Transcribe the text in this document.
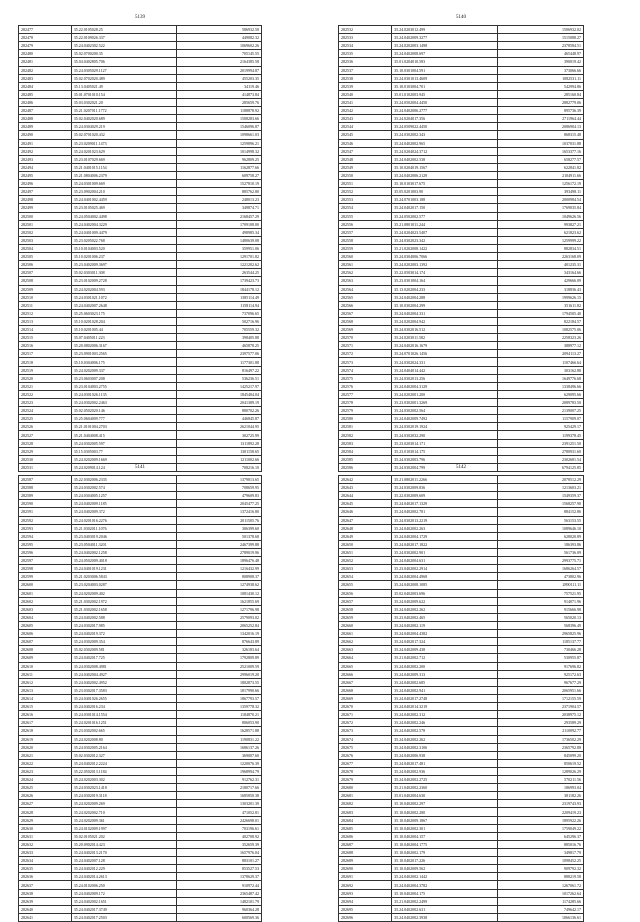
5139
282477	35.22.0105028.25	586932.50
282478	35.22.0109026.337	449082.32
282479	35.24.0402302.522	1069602.26
282480	35.02.0700200.35	705145.55
282481	35.04.0402805.706	2164385.58
282482	35.24.0305029.1127	2019994.87
282483	35.02.0702020.489	455203.35
282484	35.13.0405021.49	34119.46
282485	35.01.0701010.154	414873.84
282486	35.03.0302021.20	285659.76
282487	35.21.0207011.1772	1188878.92
282488	35.02.0402020.689	1508283.66
282489	35.24.0304029.219	1546096.87
282490	35.02.0701020.432	1098661.03
282491	35.23.0209011.1473	1259896.21
282492	35.24.0201023.629	1014998.32
282493	35.23.0107029.669	962809.25
282494	35.21.0401015.1154	1162877.66
282495	35.21.0804006.2379	609758.27
282496	35.24.0301009.669	1527810.19
282497	35.23.0902004.210	885762.80
282498	35.24.0401002.4459	248013.23
282499	35.23.0105025.469	349874.71
282500	35.24.0504002.4498	2168457.29
282501	35.24.0402004.3229	1709108.00
282502	35.24.0401009.4479	498985.34
282503	35.23.0205022.768	1480639.08
282504	35.10.0104003.520	359951.06
282505	35.10.0201006.237	1291701.82
282506	35.23.0402009.3697	1221202.62
282507	35.02.0303011.308	263544.25
282508	35.23.0102009.2728	1739423.73
282509	35.24.0202004.593	1844178.12
282510	35.24.0301021.1072	1385114.49
282511	35.24.0402007.2648	1158114.94
282512	35.25.0603023.175	737096.65
282513	35.10.0201028.204	502716.96
282514	35.10.0201005.44	705559.32
282515	35.07.0405011.223	398405.88
282516	35.20.0802006.3167	465878.25
282517	35.23.0901003.2565	2397577.06
282518	35.10.0304006.175	1177301.88
282519	35.24.0202009.337	816497.22
282520	35.23.0603007.208	536236.51
282521	35.23.0104003.2755	1425217.97
282522	35.24.0301026.1135	1845404.04
282523	35.24.0302002.2463	2041389.19
282524	35.02.0502020.146	880702.26
282525	35.25.0604009.777	446845.87
282526	35.21.0101004.2703	2621044.95
282527	35.21.0404008.415	302725.99
282528	35.24.0302005.597	1311892.28
282529	35.15.0305003.77	1301158.65
282530	35.24.0202009.1669	1211002.66
282531	35.24.0209014.124	708216.10
5140
282532	35.24.0203012.499	1506932.02
282533	35.24.0402009.3277	1515088.27
282534	35.24.0202003.1498	2378584.51
282535	35.24.0402008.697	465448.97
282536	35.01.0204010.583	390019.42
282537	35.10.0301004.591	373066.66
282538	35.24.0301013.4609	1082531.11
282539	35.10.0103004.701	542994.86
282540	35.01.0102003.945	285160.84
282541	35.24.0502004.4450	2882779.06
282542	35.24.0402006.2777	895736.39
282543	35.24.0204017.356	2711964.44
282544	35.24.0509022.4450	2086904.13
282545	35.24.0302002.343	868315.48
282546	35.24.0402002.965	1037031.88
282547	35.24.0204024.3712	1653377.16
282548	35.24.0402002.538	658277.57
282549	35.10.0204019.1567	622841.82
282550	35.24.0402006.2129	2104911.66
282551	35.10.0103017.675	1256172.19
282552	35.05.0201003.90	393498.11
282553	35.24.0701003.188	2000984.54
282554	35.24.0402017.150	1769035.84
282555	35.24.0502002.577	1049626.56
282556	35.21.0801011.244	993827.21
282557	35.24.0204023.5407	621823.62
282558	35.24.0302023.342	1259999.22
282559	35.21.0202008.1422	882834.51
282560	35.24.0304006.7066	2263168.09
282561	35.24.0202003.1392	401235.31
282562	35.22.0503014.174	343164.66
282563	35.23.0301004.164	429666.09
282564	35.13.0202004.233	318836.43
282565	35.24.0402004.288	1999626.15
282566	35.10.0302004.299	351611.82
282567	35.24.0402004.331	1794505.40
282568	35.24.0202004.942	822184.57
282569	35.24.0302016.512	1082575.06
282570	35.24.0203011.582	2258323.26
282571	35.24.0402016.1679	388977.12
282572	35.24.0701026.1456	2094113.27
282573	35.24.0302024.331	1107466.64
282574	35.24.0404014.442	303162.88
282575	35.24.0302013.256	1649776.68
282576	35.24.0402004.3129	1338496.66
282577	35.24.0202001.200	629095.66
282578	35.23.0302001.3269	2089783.50
282579	35.24.0302002.564	2139007.25
282580	35.24.0402009.7492	1157909.07
282581	35.24.0302019.1924	925429.17
282582	35.24.0302032.290	1199378.45
282583	35.23.0203014.171	2391251.50
282584	35.23.0103014.175	2780931.60
282585	35.24.0302003.796	2302681.54
282586	35.24.0302004.799	6794125.85
5141
282587	35.22.0302006.2335	1379813.65
282588	35.24.0302002.574	708659.95
282589	35.24.0304005.1257	479609.83
282590	35.24.0402009.1185	2045477.25
282591	35.24.0402009.372	1372416.80
282592	35.24.0201016.2276	2011505.76
282593	35.21.0302011.1076	306399.60
282594	35.23.0403019.2046	501378.68
282595	35.23.0504011.3201	2467399.88
282596	35.24.0402002.1258	2789019.96
282597	35.24.0502009.4018	1896476.48
282598	35.24.0401019.1231	1216432.99
282599	35.21.0203006.5843	808908.37
282600	35.23.0204003.0287	1274938.62
282601	35.24.0202009.402	1081430.12
282602	35.21.0302002.1972	1621855.69
282603	35.21.0302002.1658	1271796.98
282604	35.24.0402002.588	2579093.02
282605	35.24.0302017.985	2065252.84
282606	35.24.0402019.372	1342016.19
282607	35.24.0302009.354	876643.89
282608	35.02.0302009.581	326183.64
282609	35.24.0402017.725	1792809.89
282610	35.24.0302008.4981	2521009.59
282611	35.24.0402004.4927	2996019.20
282612	35.24.0402002.4952	1802873.55
282613	35.23.0302017.3583	1817990.66
282614	35.24.0401026.2655	1867793.57
282615	35.24.0402016.234	1359778.32
282616	35.24.0301014.1554	1184870.21
282617	35.24.0201016.1251	806053.90
282618	35.23.0302002.665	1628571.88
282619	35.24.0202008.80	1190831.22
282620	35.24.0302005.2164	1686137.26
282621	35.02.0302012.327	369007.60
282622	35.24.0402012.2224	1220076.39
282623	35.22.0502013.1184	1968994.79
282624	35.24.0202003.302	912762.31
282625	35.24.0302023.1418	2180717.66
282626	35.24.0302019.3118	1685850.38
282627	35.24.0202009.269	1303201.39
282628	35.24.0202002.710	471052.81
282629	35.24.0202009.361	2426698.01
282630	35.24.0102009.1997	703196.61
282631	35.02.0105021.202	402708.92
282632	35.20.0902014.423	352659.39
282633	35.24.0402013.2170	1657976.04
282634	35.24.0402007.128	883101.27
282635	35.24.0402012.229	853527.53
282636	35.24.0402014.2613	1378629.37
282637	35.24.0102006.250	910972.44
282638	35.24.0402009.172	2365487.42
282639	35.24.0402002.1651	1482101.79
282640	35.24.0402017.3749	960364.28
282641	35.24.0402017.2503	600569.36
5142
282642	35.21.0802011.2266	2078512.29
282643	35.24.0302009.836	1213603.21
282644	35.22.0302009.609	1549359.37
282645	35.24.0402017.1329	1568257.90
282646	35.24.0402002.781	884152.86
282647	35.24.0302013.2219	563153.55
282648	35.24.0402002.263	1089646.10
282649	35.24.0402004.1729	628020.89
282650	35.24.0402017.1822	186393.86
282651	35.24.0302002.901	561736.09
282652	35.24.0402004.631	2993775.71
282653	35.23.0402002.2914	1686264.57
282654	35.24.0402004.4968	473802.96
282655	35.24.0402008.1085	2890111.11
282656	35.02.0402003.696	757521.95
282657	35.24.0402009.622	914071.96
282658	35.24.0402002.262	915666.98
282659	35.23.0402002.465	565020.13
282660	35.24.0402002.119	568396.49
282661	35.24.0402004.4382	2965825.96
282662	35.24.0402017.324	1185137.77
282663	35.24.0402009.438	730466.28
282664	35.21.0402002.712	530955.87
282665	35.24.0402002.200	917696.82
282666	35.24.0402009.313	925172.63
282667	35.24.0402002.685	967677.29
282668	35.24.0402002.941	2065951.66
282669	35.24.0402017.2748	1712155.59
282670	35.24.0402014.3219	2371904.57
282671	35.24.0402002.312	2038975.12
282672	35.24.0402002.246	293589.29
282673	35.24.0402002.578	2110092.77
282674	35.24.0402002.262	1736502.29
282675	35.24.0402002.3106	2365792.88
282676	35.24.0402006.938	845099.20
282677	35.24.0402017.481	850619.52
282678	35.24.0402002.936	1289026.29
282679	35.24.0402002.2725	570211.56
282680	35.21.0402002.2360	186993.04
282681	35.01.0402004.630	381182.26
282682	35.10.0402002.297	2319743.93
282683	35.10.0402002.280	2209419.23
282684	35.10.0402009.1867	1895922.26
282685	35.10.0402002.301	1759049.22
282686	35.10.0402004.157	645296.37
282687	35.10.0402004.1775	885016.76
282688	35.10.0402002.179	349817.79
282689	35.10.0402017.226	1098452.25
282690	35.10.0402009.562	909792.32
282691	35.24.0402002.1442	888219.58
282692	35.24.0402004.3782	1267061.72
282693	35.10.0402004.175	1017262.64
282694	35.21.0402002.2499	1174285.66
282695	35.24.0402002.631	749642.17
282696	35.24.0402002.3938	1066136.61
